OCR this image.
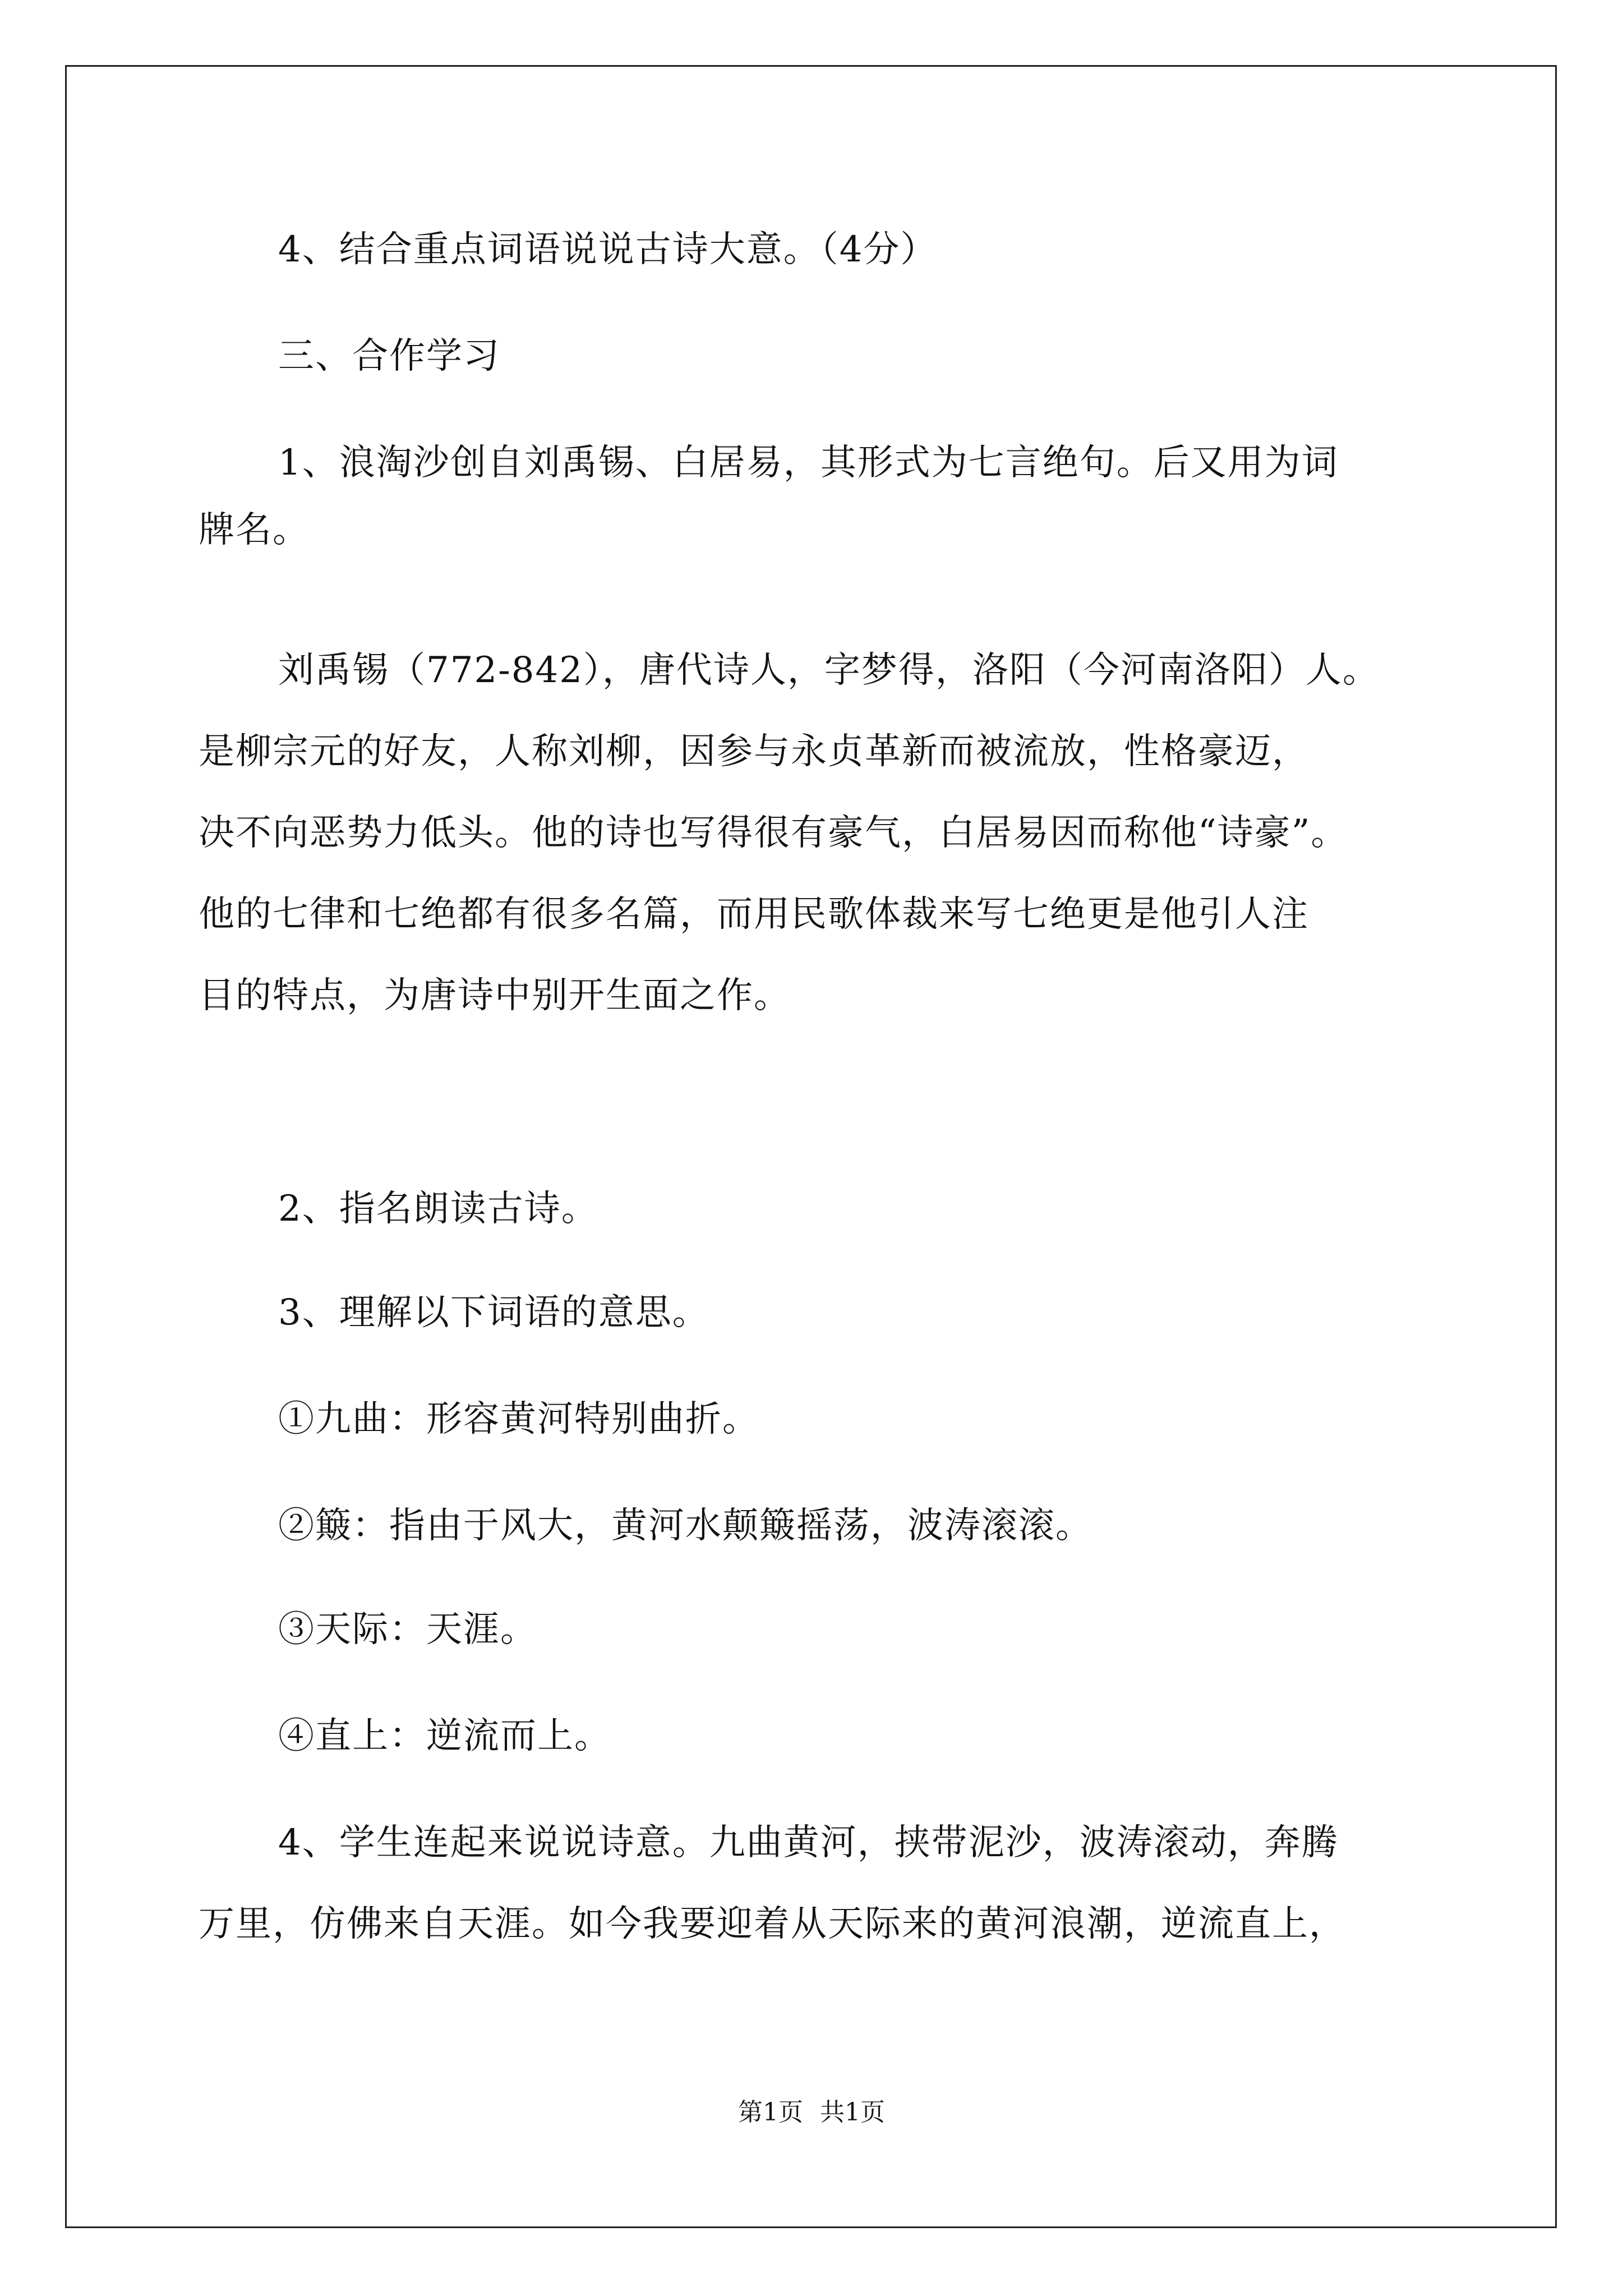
4、结合重点词语说说古诗大意。（4分）

三、合作学习

1、浪淘沙创自刘禹锡、白居易，其形式为七言绝句。后又用为词

牌名。

刘禹锡（772-842），唐代诗人，字梦得，洛阳（今河南洛阳）人。

是柳宗元的好友，人称刘柳，因参与永贞革新而被流放，性格豪迈，

决不向恶势力低头。他的诗也写得很有豪气，白居易因而称他“诗豪”。

他的七律和七绝都有很多名篇，而用民歌体裁来写七绝更是他引人注

目的特点，为唐诗中别开生面之作。

2、指名朗读古诗。

3、理解以下词语的意思。

①九曲：形容黄河特别曲折。

②簸：指由于风大，黄河水颠簸摇荡，波涛滚滚。

③天际：天涯。

④直上：逆流而上。

4、学生连起来说说诗意。九曲黄河，挟带泥沙，波涛滚动，奔腾

万里，仿佛来自天涯。如今我要迎着从天际来的黄河浪潮，逆流直上，

第1页 共1页
